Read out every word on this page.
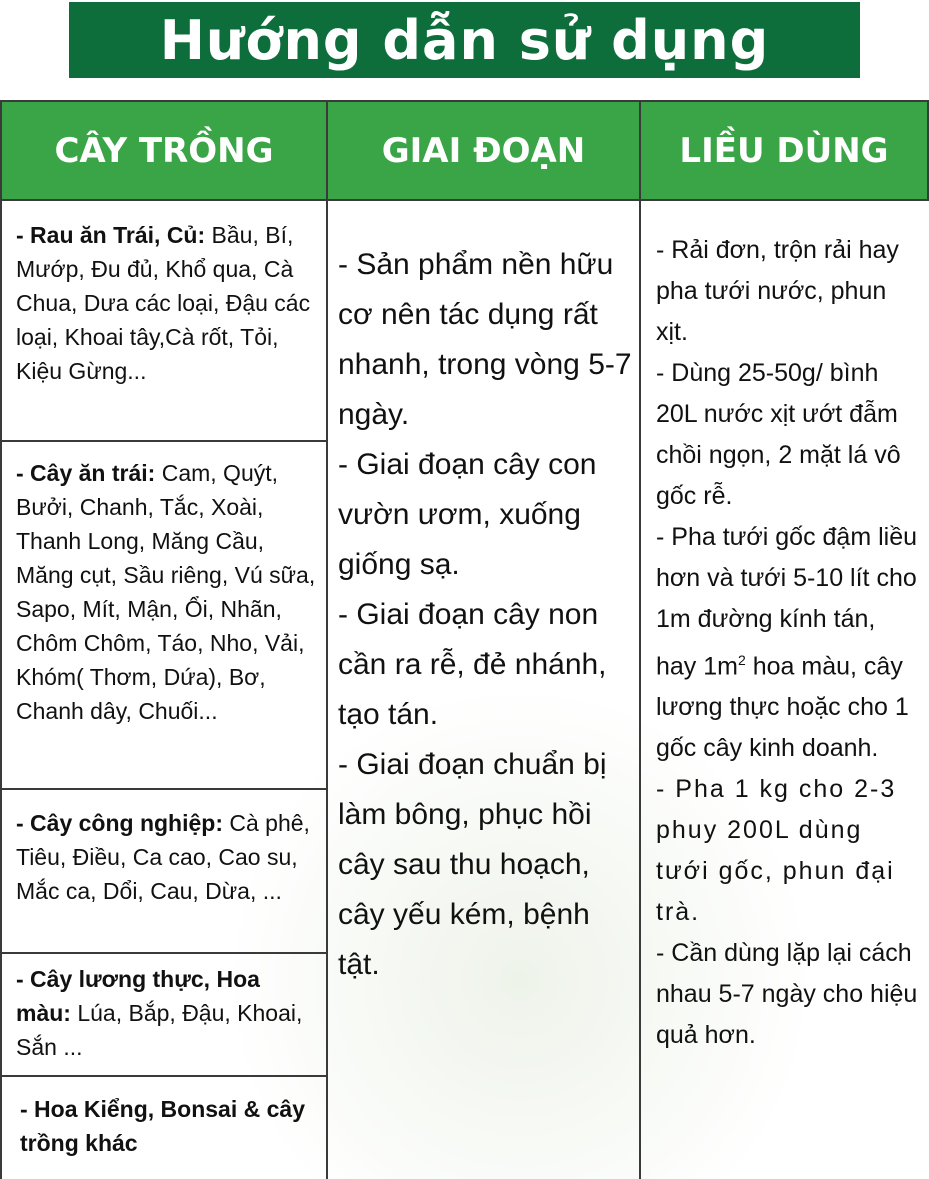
Hướng dẫn sử dụng
CÂY TRỒNG	GIAI ĐOẠN	LIỀU DÙNG
- Rau ăn Trái, Củ: Bầu, Bí, Mướp, Đu đủ, Khổ qua, Cà Chua, Dưa các loại, Đậu các loại, Khoai tây,Cà rốt, Tỏi, Kiệu Gừng...
- Cây ăn trái: Cam, Quýt, Bưởi, Chanh, Tắc, Xoài, Thanh Long, Măng Cầu, Măng cụt, Sầu riêng, Vú sữa, Sapo, Mít, Mận, Ổi, Nhãn, Chôm Chôm, Táo, Nho, Vải, Khóm( Thơm, Dứa), Bơ, Chanh dây, Chuối...
- Cây công nghiệp: Cà phê, Tiêu, Điều, Ca cao, Cao su, Mắc ca, Dổi, Cau, Dừa, ...
- Cây lương thực, Hoa màu: Lúa, Bắp, Đậu, Khoai, Sắn ...
- Hoa Kiểng, Bonsai & cây trồng khác

- Sản phẩm nền hữu cơ nên tác dụng rất nhanh, trong vòng 5-7 ngày.

- Giai đoạn cây con vườn ươm, xuống giống sạ.

- Giai đoạn cây non cần ra rễ, đẻ nhánh, tạo tán.

- Giai đoạn chuẩn bị làm bông, phục hồi cây sau thu hoạch, cây yếu kém, bệnh tật.

- Rải đơn, trộn rải hay pha tưới nước, phun xịt.

- Dùng 25-50g/ bình 20L nước xịt ướt đẫm chồi ngọn, 2 mặt lá vô gốc rễ.

- Pha tưới gốc đậm liều hơn và tưới 5-10 lít cho 1m đường kính tán, hay $1m^2$ hoa màu, cây lương thực hoặc cho 1 gốc cây kinh doanh.

- Pha 1 kg cho 2-3 phuy 200L dùng tưới gốc, phun đại trà.

- Cần dùng lặp lại cách nhau 5-7 ngày cho hiệu quả hơn.
